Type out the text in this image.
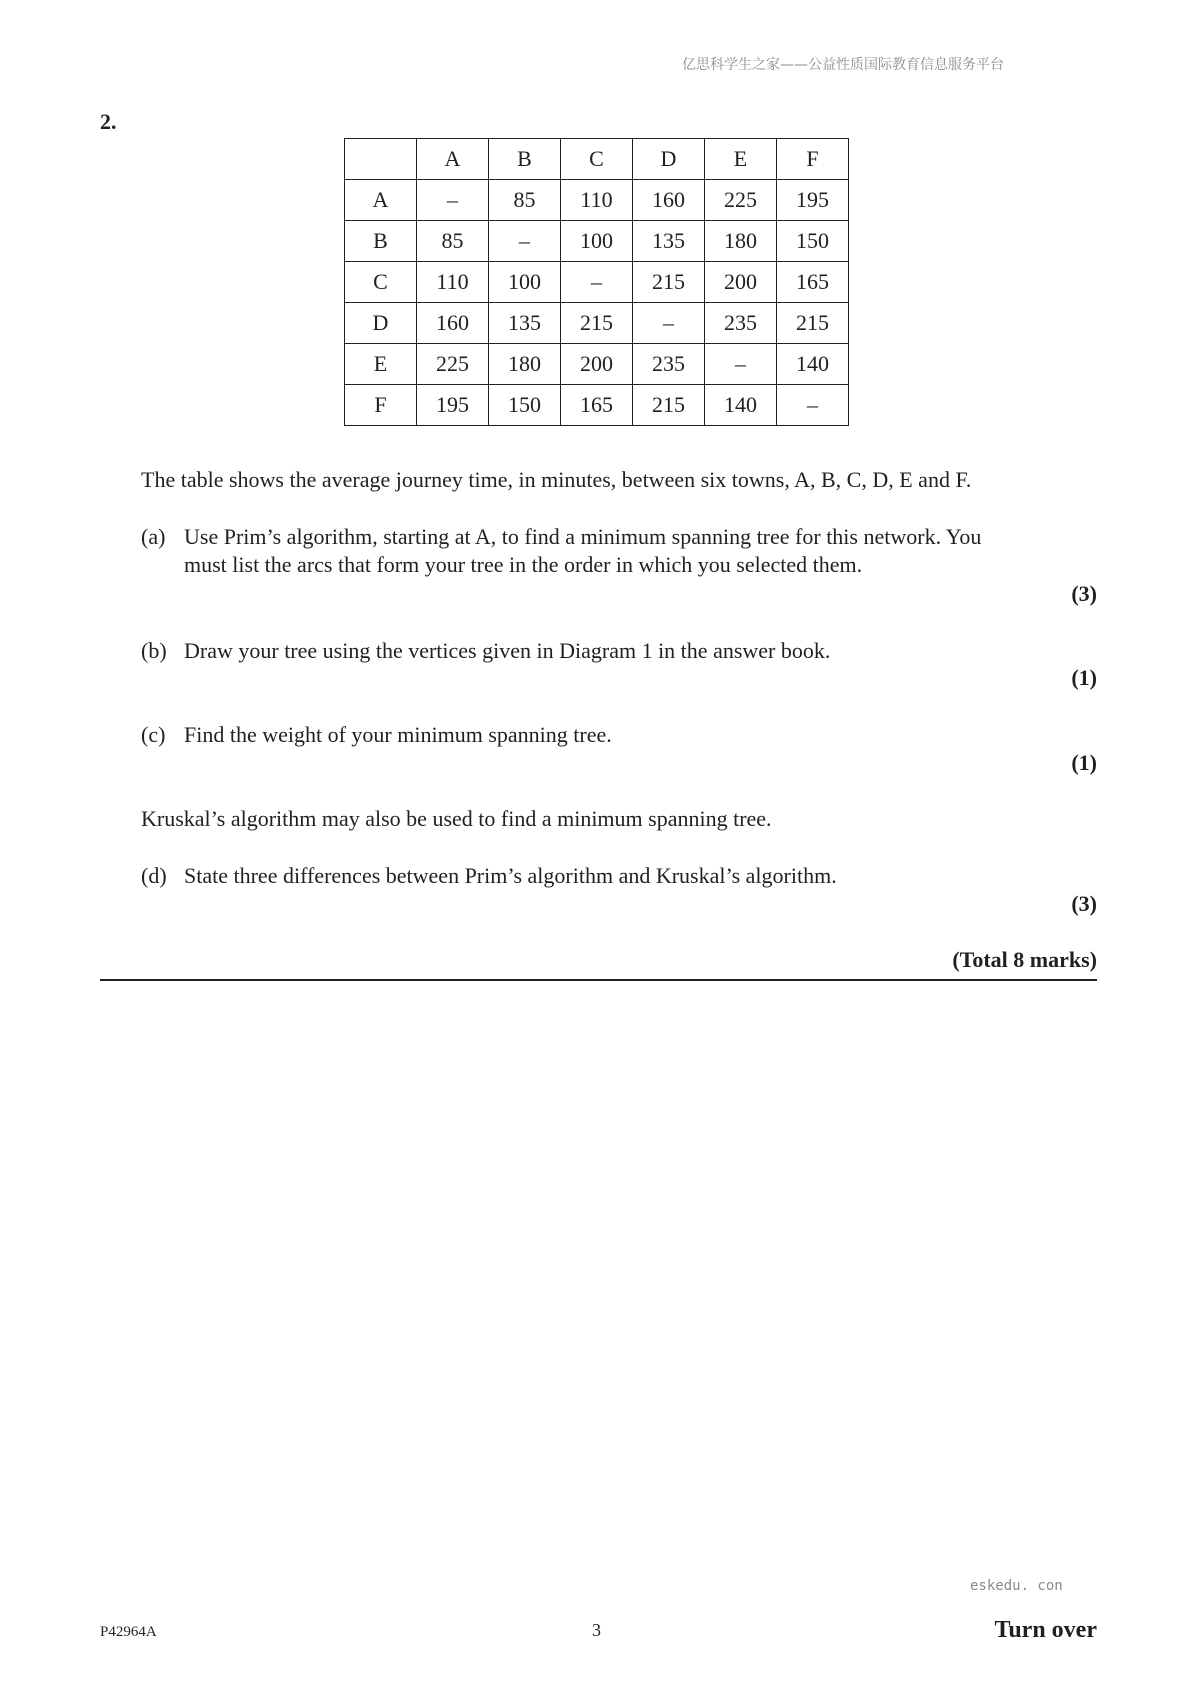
亿思科学生之家——公益性质国际教育信息服务平台
2.
	A	B	C	D	E	F
A	–	85	110	160	225	195
B	85	–	100	135	180	150
C	110	100	–	215	200	165
D	160	135	215	–	235	215
E	225	180	200	235	–	140
F	195	150	165	215	140	–
The table shows the average journey time, in minutes, between six towns, A, B, C, D, E and F.
(a) Use Prim’s algorithm, starting at A, to find a minimum spanning tree for this network. You
must list the arcs that form your tree in the order in which you selected them.
(3)
(b) Draw your tree using the vertices given in Diagram 1 in the answer book.
(1)
(c) Find the weight of your minimum spanning tree.
(1)
Kruskal’s algorithm may also be used to find a minimum spanning tree.
(d) State three differences between Prim’s algorithm and Kruskal’s algorithm.
(3)
(Total 8 marks)
eskedu. con
P42964A	3	Turn over
